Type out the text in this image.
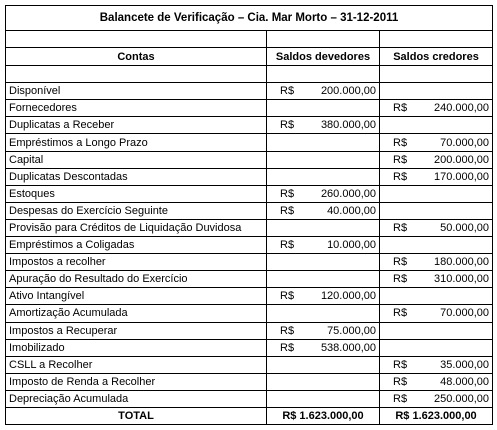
Balancete de Verificação – Cia. Mar Morto – 31-12-2011		

Contas	Saldos devedores	Saldos credores

Disponível	R$ 200.000,00	

Fornecedores		R$ 240.000,00

Duplicatas a Receber	R$ 380.000,00	

Empréstimos a Longo Prazo		R$ 70.000,00

Capital		R$ 200.000,00

Duplicatas Descontadas		R$ 170.000,00

Estoques	R$ 260.000,00	

Despesas do Exercício Seguinte	R$ 40.000,00	

Provisão para Créditos de Liquidação Duvidosa		R$ 50.000,00

Empréstimos a Coligadas	R$ 10.000,00	

Impostos a recolher		R$ 180.000,00

Apuração do Resultado do Exercício		R$ 310.000,00

Ativo Intangível	R$ 120.000,00	

Amortização Acumulada		R$ 70.000,00

Impostos a Recuperar	R$ 75.000,00	

Imobilizado	R$ 538.000,00	

CSLL a Recolher		R$ 35.000,00

Imposto de Renda a Recolher		R$ 48.000,00

Depreciação Acumulada		R$ 250.000,00

TOTAL	R$ 1.623.000,00	R$ 1.623.000,00
